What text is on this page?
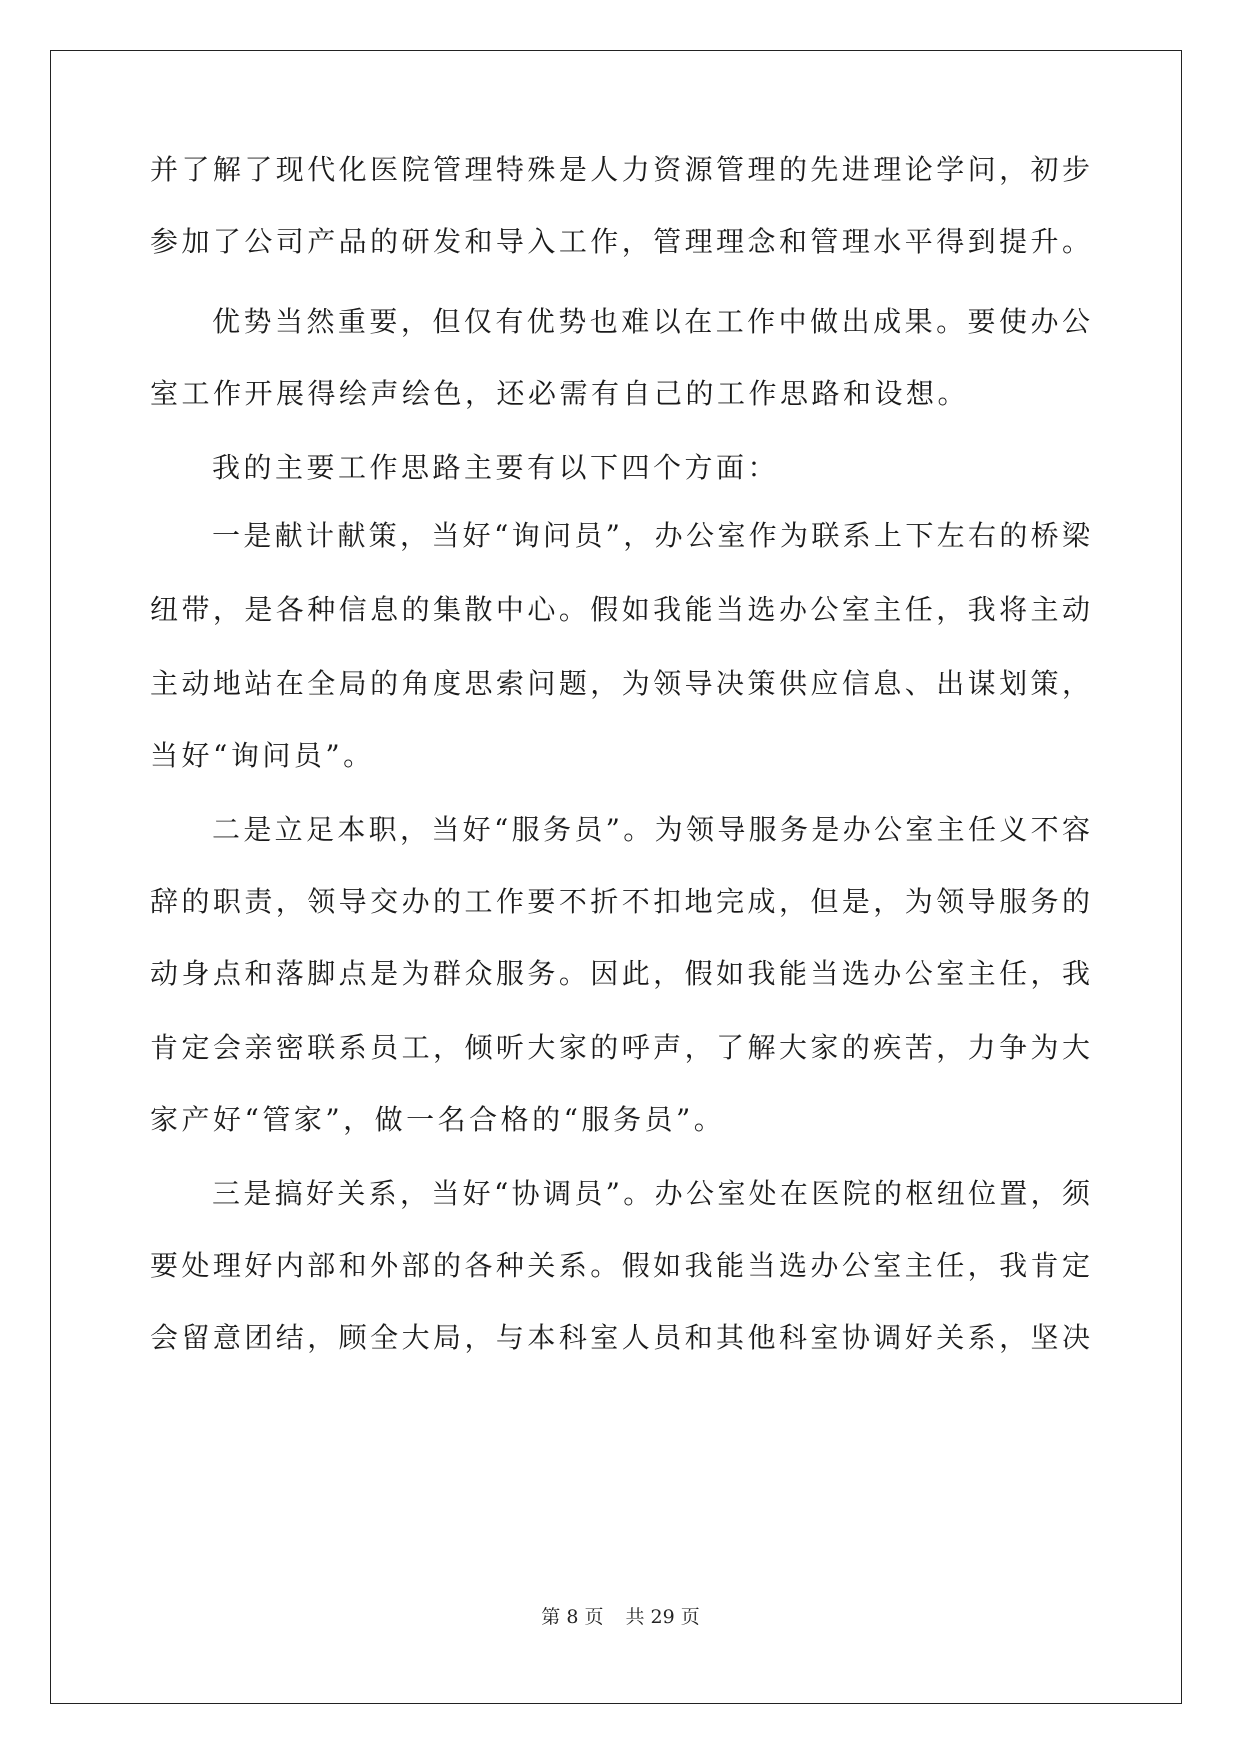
并了解了现代化医院管理特殊是人力资源管理的先进理论学问，初步
参加了公司产品的研发和导入工作，管理理念和管理水平得到提升。
优势当然重要，但仅有优势也难以在工作中做出成果。要使办公
室工作开展得绘声绘色，还必需有自己的工作思路和设想。
我的主要工作思路主要有以下四个方面：
一是献计献策，当好“询问员”，办公室作为联系上下左右的桥梁
纽带，是各种信息的集散中心。假如我能当选办公室主任，我将主动
主动地站在全局的角度思索问题，为领导决策供应信息、出谋划策，
当好“询问员”。
二是立足本职，当好“服务员”。为领导服务是办公室主任义不容
辞的职责，领导交办的工作要不折不扣地完成，但是，为领导服务的
动身点和落脚点是为群众服务。因此，假如我能当选办公室主任，我
肯定会亲密联系员工，倾听大家的呼声，了解大家的疾苦，力争为大
家产好“管家”，做一名合格的“服务员”。
三是搞好关系，当好“协调员”。办公室处在医院的枢纽位置，须
要处理好内部和外部的各种关系。假如我能当选办公室主任，我肯定
会留意团结，顾全大局，与本科室人员和其他科室协调好关系，坚决
第 8 页 共 29 页
